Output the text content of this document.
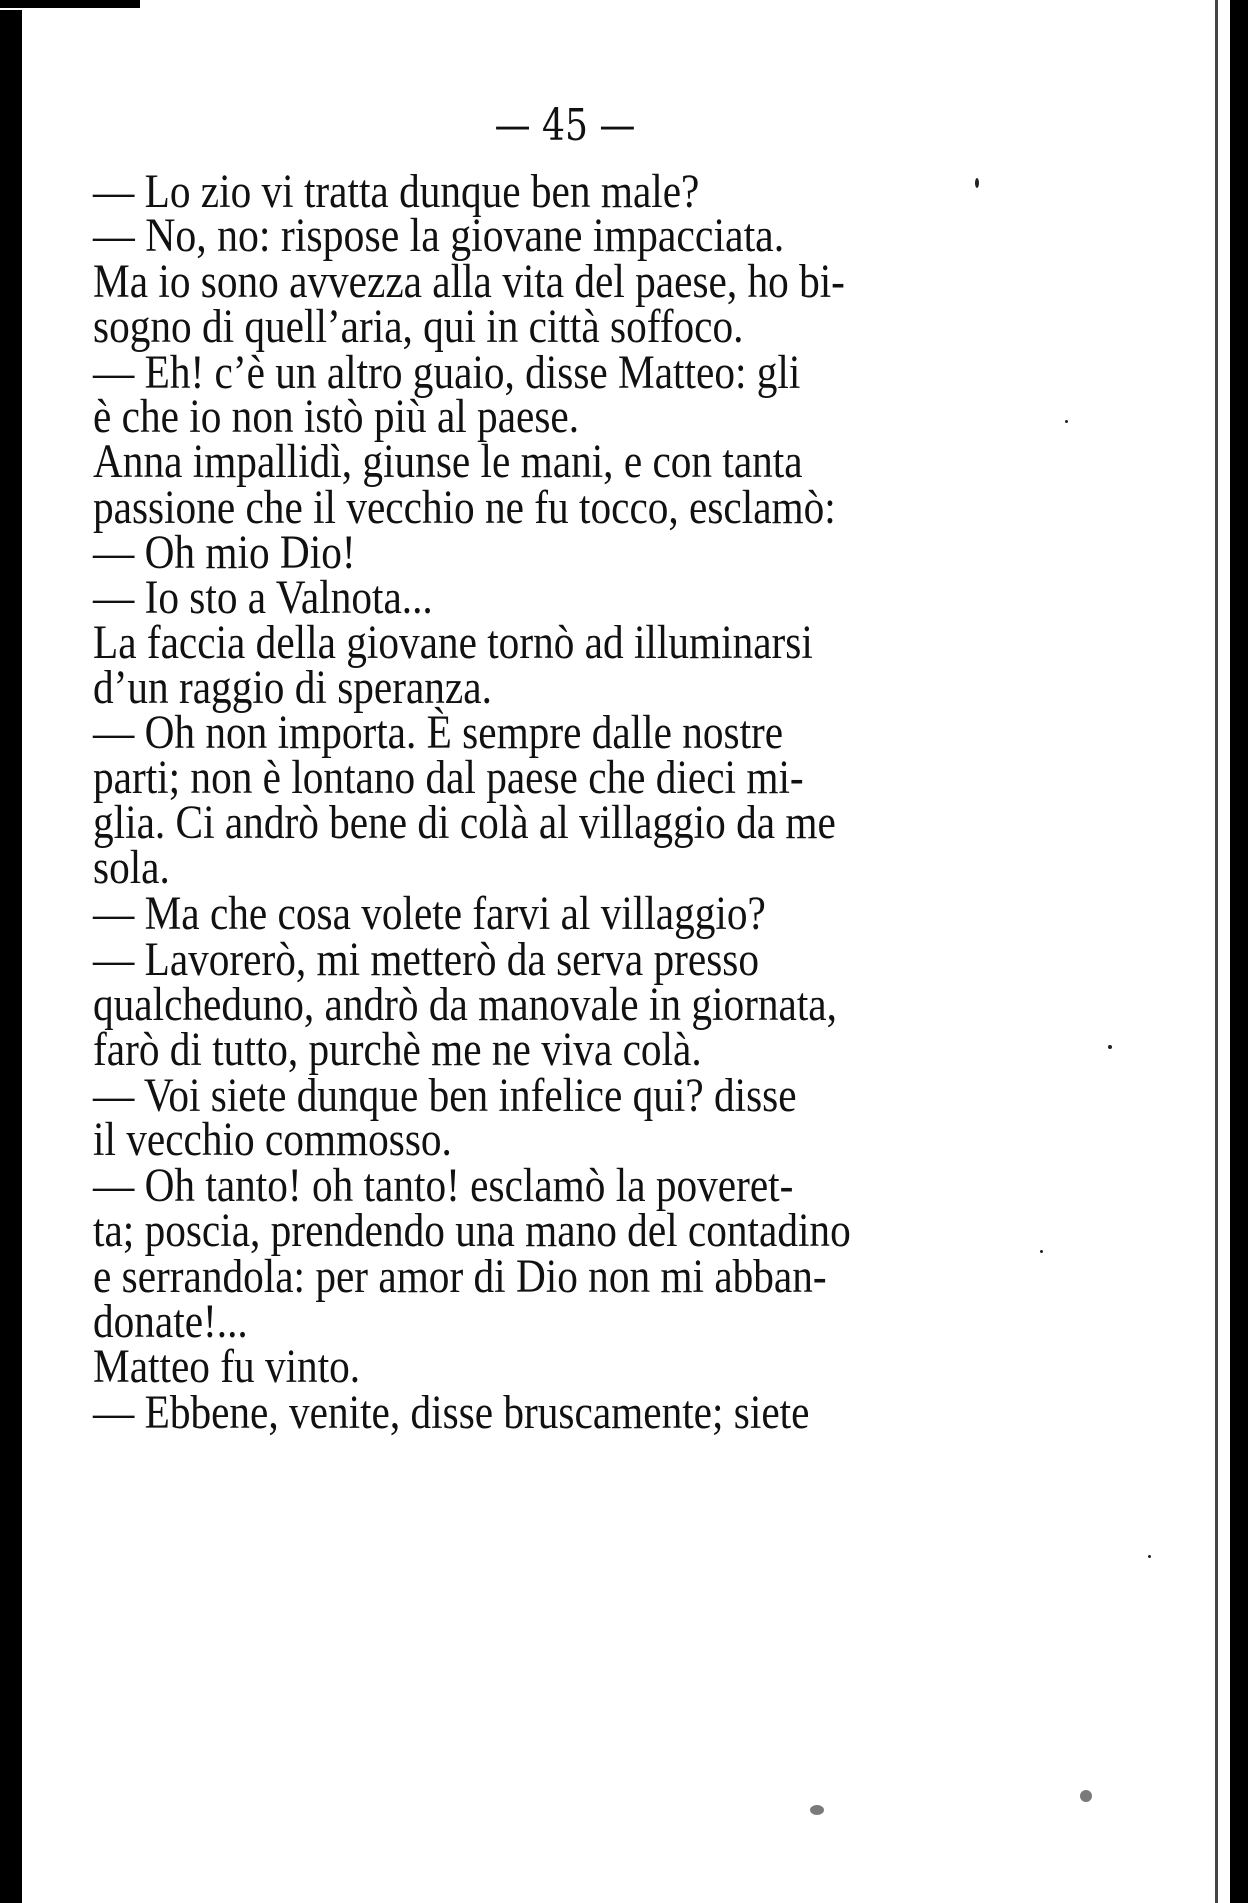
— 45 —
— Lo zio vi tratta dunque ben male?
— No, no: rispose la giovane impacciata.
Ma io sono avvezza alla vita del paese, ho bi-
sogno di quell’aria, qui in città soffoco.
— Eh! c’è un altro guaio, disse Matteo: gli
è che io non istò più al paese.
Anna impallidì, giunse le mani, e con tanta
passione che il vecchio ne fu tocco, esclamò:
— Oh mio Dio!
— Io sto a Valnota...
La faccia della giovane tornò ad illuminarsi
d’un raggio di speranza.
— Oh non importa. È sempre dalle nostre
parti; non è lontano dal paese che dieci mi-
glia. Ci andrò bene di colà al villaggio da me
sola.
— Ma che cosa volete farvi al villaggio?
— Lavorerò, mi metterò da serva presso
qualcheduno, andrò da manovale in giornata,
farò di tutto, purchè me ne viva colà.
— Voi siete dunque ben infelice qui? disse
il vecchio commosso.
— Oh tanto! oh tanto! esclamò la poveret-
ta; poscia, prendendo una mano del contadino
e serrandola: per amor di Dio non mi abban-
donate!...
Matteo fu vinto.
— Ebbene, venite, disse bruscamente; siete
